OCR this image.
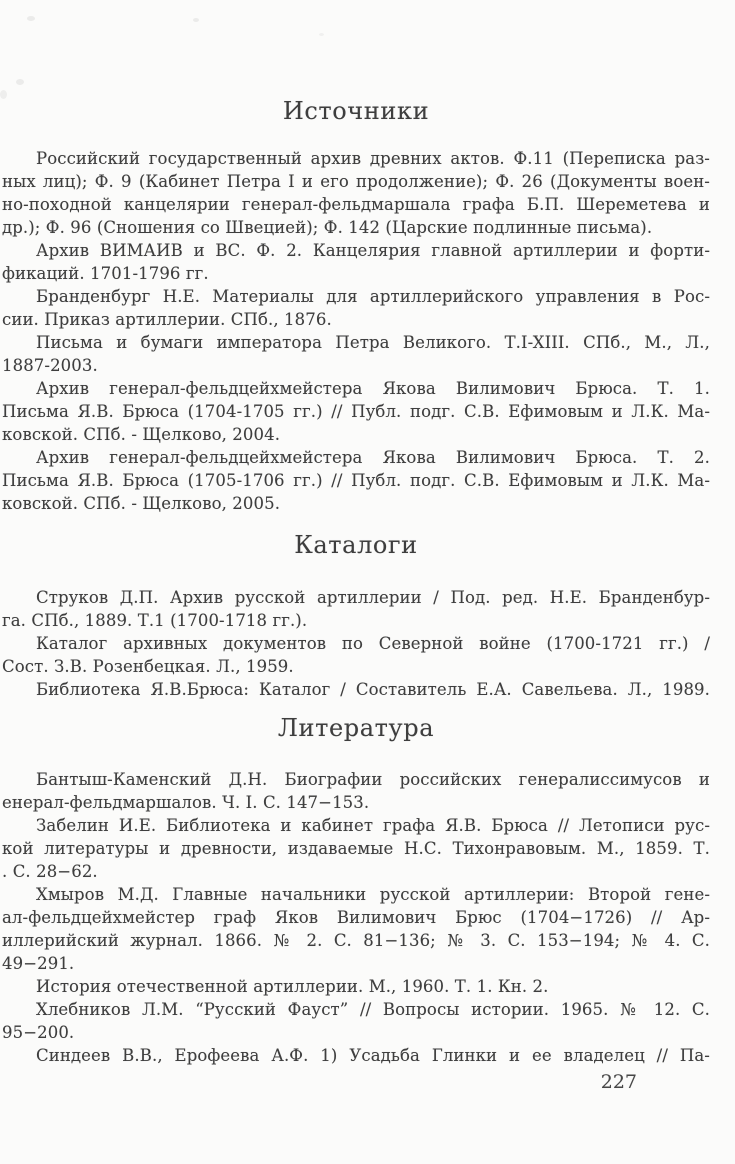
Источники
Российский государственный архив древних актов. Ф.11 (Переписка раз-
ных лиц); Ф. 9 (Кабинет Петра I и его продолжение); Ф. 26 (Документы воен-
но-походной канцелярии генерал-фельдмаршала графа Б.П. Шереметева и
др.); Ф. 96 (Сношения со Швецией); Ф. 142 (Царские подлинные письма).
Архив ВИМАИВ и ВС. Ф. 2. Канцелярия главной артиллерии и форти-
фикаций. 1701-1796 гг.
Бранденбург Н.Е. Материалы для артиллерийского управления в Рос-
сии. Приказ артиллерии. СПб., 1876.
Письма и бумаги императора Петра Великого. Т.I-XIII. СПб., М., Л.,
1887-2003.
Архив генерал-фельдцейхмейстера Якова Вилимович Брюса. Т. 1.
Письма Я.В. Брюса (1704-1705 гг.) // Публ. подг. С.В. Ефимовым и Л.К. Ма-
ковской. СПб. - Щелково, 2004.
Архив генерал-фельдцейхмейстера Якова Вилимович Брюса. Т. 2.
Письма Я.В. Брюса (1705-1706 гг.) // Публ. подг. С.В. Ефимовым и Л.К. Ма-
ковской. СПб. - Щелково, 2005.
Каталоги
Струков Д.П. Архив русской артиллерии / Под. ред. Н.Е. Бранденбур-
га. СПб., 1889. Т.1 (1700-1718 гг.).
Каталог архивных документов по Северной войне (1700-1721 гг.) /
Сост. З.В. Розенбецкая. Л., 1959.
Библиотека Я.В.Брюса: Каталог / Составитель Е.А. Савельева. Л., 1989.
Литература
Бантыш-Каменский Д.Н. Биографии российских генералиссимусов и
енерал-фельдмаршалов. Ч. I. С. 147−153.
Забелин И.Е. Библиотека и кабинет графа Я.В. Брюса // Летописи рус-
кой литературы и древности, издаваемые Н.С. Тихонравовым. М., 1859. Т.
. С. 28−62.
Хмыров М.Д. Главные начальники русской артиллерии: Второй гене-
ал-фельдцейхмейстер граф Яков Вилимович Брюс (1704−1726) // Ар-
иллерийский журнал. 1866. № 2. С. 81−136; № 3. С. 153−194; № 4. С.
49−291.
История отечественной артиллерии. М., 1960. Т. 1. Кн. 2.
Хлебников Л.М. “Русский Фауст” // Вопросы истории. 1965. № 12. С.
95−200.
Синдеев В.В., Ерофеева А.Ф. 1) Усадьба Глинки и ее владелец // Па-
227
